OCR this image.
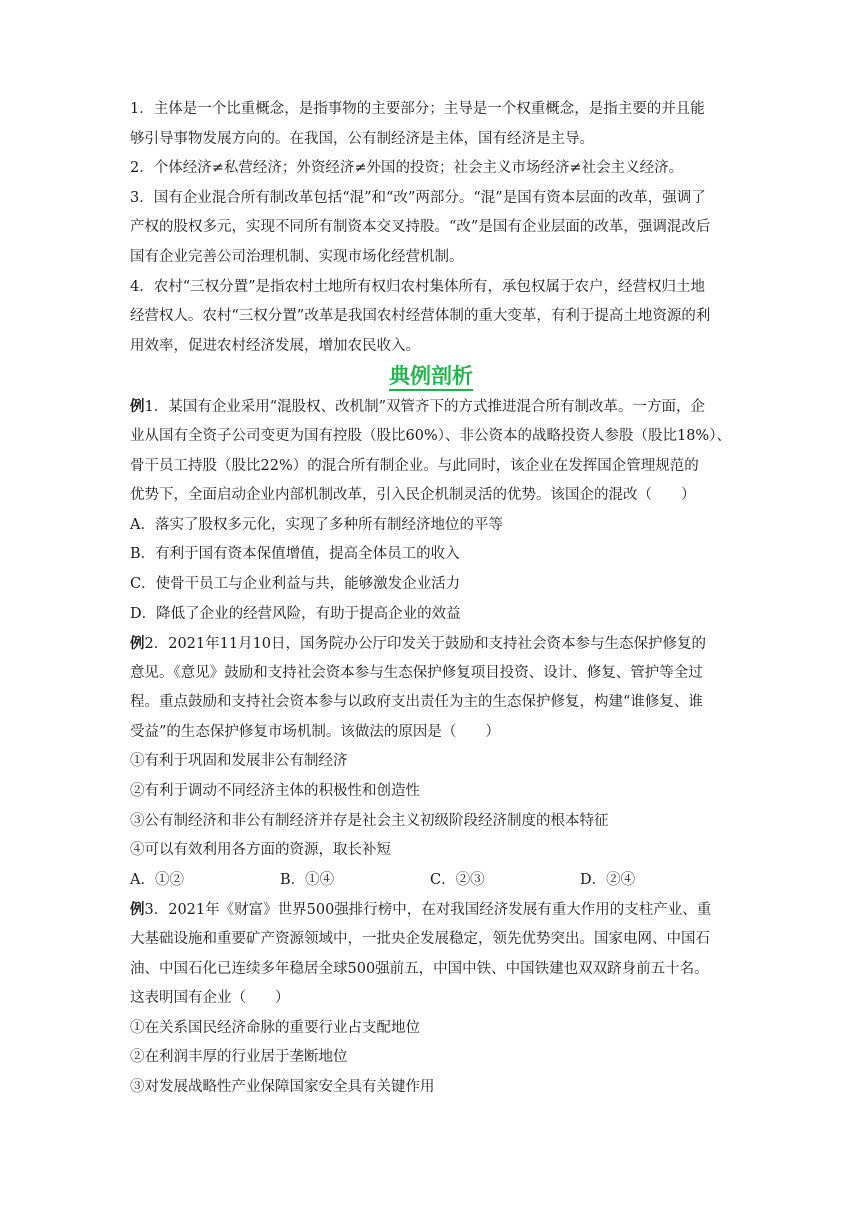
1．主体是一个比重概念，是指事物的主要部分；主导是一个权重概念，是指主要的并且能
够引导事物发展方向的。在我国，公有制经济是主体，国有经济是主导。
2．个体经济≠私营经济；外资经济≠外国的投资；社会主义市场经济≠社会主义经济。
3．国有企业混合所有制改革包括“混”和“改”两部分。“混”是国有资本层面的改革，强调了
产权的股权多元，实现不同所有制资本交叉持股。“改”是国有企业层面的改革，强调混改后
国有企业完善公司治理机制、实现市场化经营机制。
4．农村“三权分置”是指农村土地所有权归农村集体所有，承包权属于农户，经营权归土地
经营权人。农村“三权分置”改革是我国农村经营体制的重大变革，有利于提高土地资源的利
用效率，促进农村经济发展，增加农民收入。
典例剖析
例1．某国有企业采用“混股权、改机制”双管齐下的方式推进混合所有制改革。一方面，企
业从国有全资子公司变更为国有控股（股比60%）、非公资本的战略投资人参股（股比18%）、
骨干员工持股（股比22%）的混合所有制企业。与此同时，该企业在发挥国企管理规范的
优势下，全面启动企业内部机制改革，引入民企机制灵活的优势。该国企的混改（　　）
A．落实了股权多元化，实现了多种所有制经济地位的平等
B．有利于国有资本保值增值，提高全体员工的收入
C．使骨干员工与企业利益与共，能够激发企业活力
D．降低了企业的经营风险，有助于提高企业的效益
例2．2021年11月10日，国务院办公厅印发关于鼓励和支持社会资本参与生态保护修复的
意见。《意见》鼓励和支持社会资本参与生态保护修复项目投资、设计、修复、管护等全过
程。重点鼓励和支持社会资本参与以政府支出责任为主的生态保护修复，构建“谁修复、谁
受益”的生态保护修复市场机制。该做法的原因是（　　）
①有利于巩固和发展非公有制经济
②有利于调动不同经济主体的积极性和创造性
③公有制经济和非公有制经济并存是社会主义初级阶段经济制度的根本特征
④可以有效利用各方面的资源，取长补短
A．①②	B．①④	C．②③	D．②④
例3．2021年《财富》世界500强排行榜中，在对我国经济发展有重大作用的支柱产业、重
大基础设施和重要矿产资源领域中，一批央企发展稳定，领先优势突出。国家电网、中国石
油、中国石化已连续多年稳居全球500强前五，中国中铁、中国铁建也双双跻身前五十名。
这表明国有企业（　　）
①在关系国民经济命脉的重要行业占支配地位
②在利润丰厚的行业居于垄断地位
③对发展战略性产业保障国家安全具有关键作用
